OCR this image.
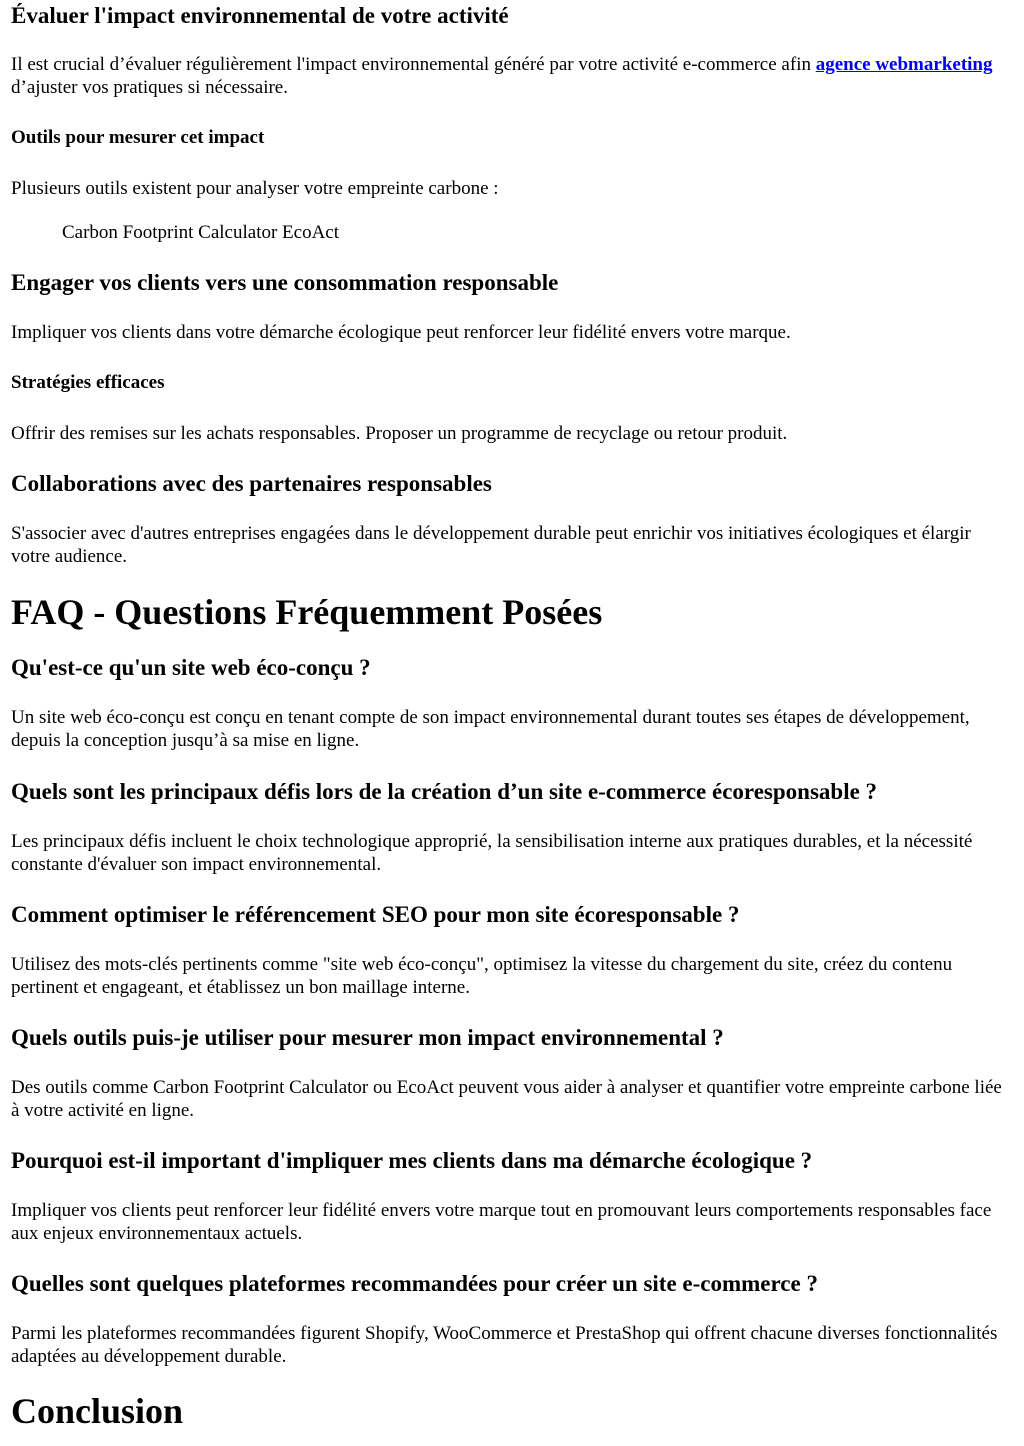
Évaluer l'impact environnemental de votre activité

Il est crucial d’évaluer régulièrement l'impact environnemental généré par votre activité e-commerce afin agence webmarketing d’ajuster vos pratiques si nécessaire.

Outils pour mesurer cet impact

Plusieurs outils existent pour analyser votre empreinte carbone :

Carbon Footprint Calculator EcoAct
Engager vos clients vers une consommation responsable

Impliquer vos clients dans votre démarche écologique peut renforcer leur fidélité envers votre marque.

Stratégies efficaces

Offrir des remises sur les achats responsables. Proposer un programme de recyclage ou retour produit.

Collaborations avec des partenaires responsables

S'associer avec d'autres entreprises engagées dans le développement durable peut enrichir vos initiatives écologiques et élargir votre audience.

FAQ - Questions Fréquemment Posées
Qu'est-ce qu'un site web éco-conçu ?

Un site web éco-conçu est conçu en tenant compte de son impact environnemental durant toutes ses étapes de développement, depuis la conception jusqu’à sa mise en ligne.

Quels sont les principaux défis lors de la création d’un site e-commerce écoresponsable ?

Les principaux défis incluent le choix technologique approprié, la sensibilisation interne aux pratiques durables, et la nécessité constante d'évaluer son impact environnemental.

Comment optimiser le référencement SEO pour mon site écoresponsable ?

Utilisez des mots-clés pertinents comme "site web éco-conçu", optimisez la vitesse du chargement du site, créez du contenu pertinent et engageant, et établissez un bon maillage interne.

Quels outils puis-je utiliser pour mesurer mon impact environnemental ?

Des outils comme Carbon Footprint Calculator ou EcoAct peuvent vous aider à analyser et quantifier votre empreinte carbone liée à votre activité en ligne.

Pourquoi est-il important d'impliquer mes clients dans ma démarche écologique ?

Impliquer vos clients peut renforcer leur fidélité envers votre marque tout en promouvant leurs comportements responsables face aux enjeux environnementaux actuels.

Quelles sont quelques plateformes recommandées pour créer un site e-commerce ?

Parmi les plateformes recommandées figurent Shopify, WooCommerce et PrestaShop qui offrent chacune diverses fonctionnalités adaptées au développement durable.

Conclusion
